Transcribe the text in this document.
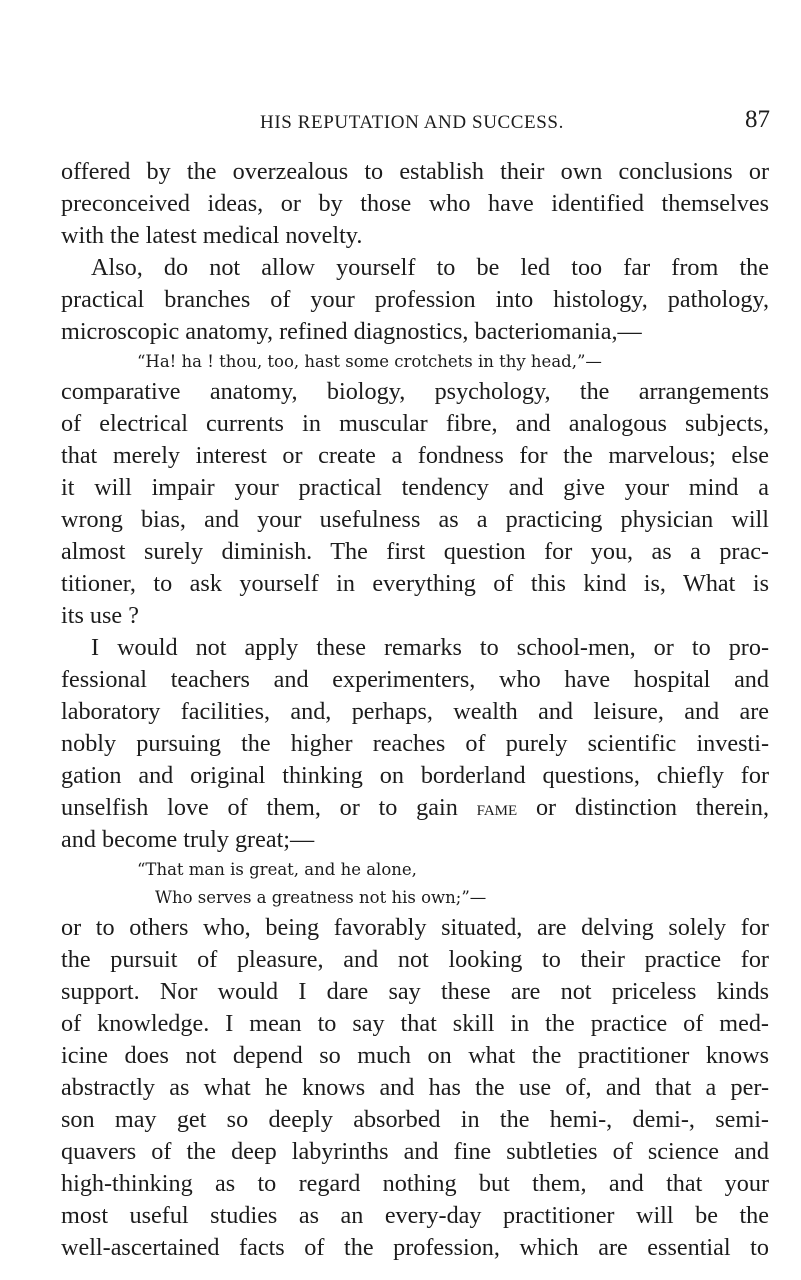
HIS REPUTATION AND SUCCESS.	87
offered by the overzealous to establish their own conclusions or
preconceived ideas, or by those who have identified themselves
with the latest medical novelty.
Also, do not allow yourself to be led too far from the
practical branches of your profession into histology, pathology,
microscopic anatomy, refined diagnostics, bacteriomania,—
“Ha! ha ! thou, too, hast some crotchets in thy head,”—
comparative anatomy, biology, psychology, the arrangements
of electrical currents in muscular fibre, and analogous subjects,
that merely interest or create a fondness for the marvelous; else
it will impair your practical tendency and give your mind a
wrong bias, and your usefulness as a practicing physician will
almost surely diminish. The first question for you, as a prac-
titioner, to ask yourself in everything of this kind is, What is
its use ?
I would not apply these remarks to school-men, or to pro-
fessional teachers and experimenters, who have hospital and
laboratory facilities, and, perhaps, wealth and leisure, and are
nobly pursuing the higher reaches of purely scientific investi-
gation and original thinking on borderland questions, chiefly for
unselfish love of them, or to gain fame or distinction therein,
and become truly great;—
“That man is great, and he alone,
Who serves a greatness not his own;”—
or to others who, being favorably situated, are delving solely for
the pursuit of pleasure, and not looking to their practice for
support. Nor would I dare say these are not priceless kinds
of knowledge. I mean to say that skill in the practice of med-
icine does not depend so much on what the practitioner knows
abstractly as what he knows and has the use of, and that a per-
son may get so deeply absorbed in the hemi-, demi-, semi-
quavers of the deep labyrinths and fine subtleties of science and
high-thinking as to regard nothing but them, and that your
most useful studies as an every-day practitioner will be the
well-ascertained facts of the profession, which are essential to
